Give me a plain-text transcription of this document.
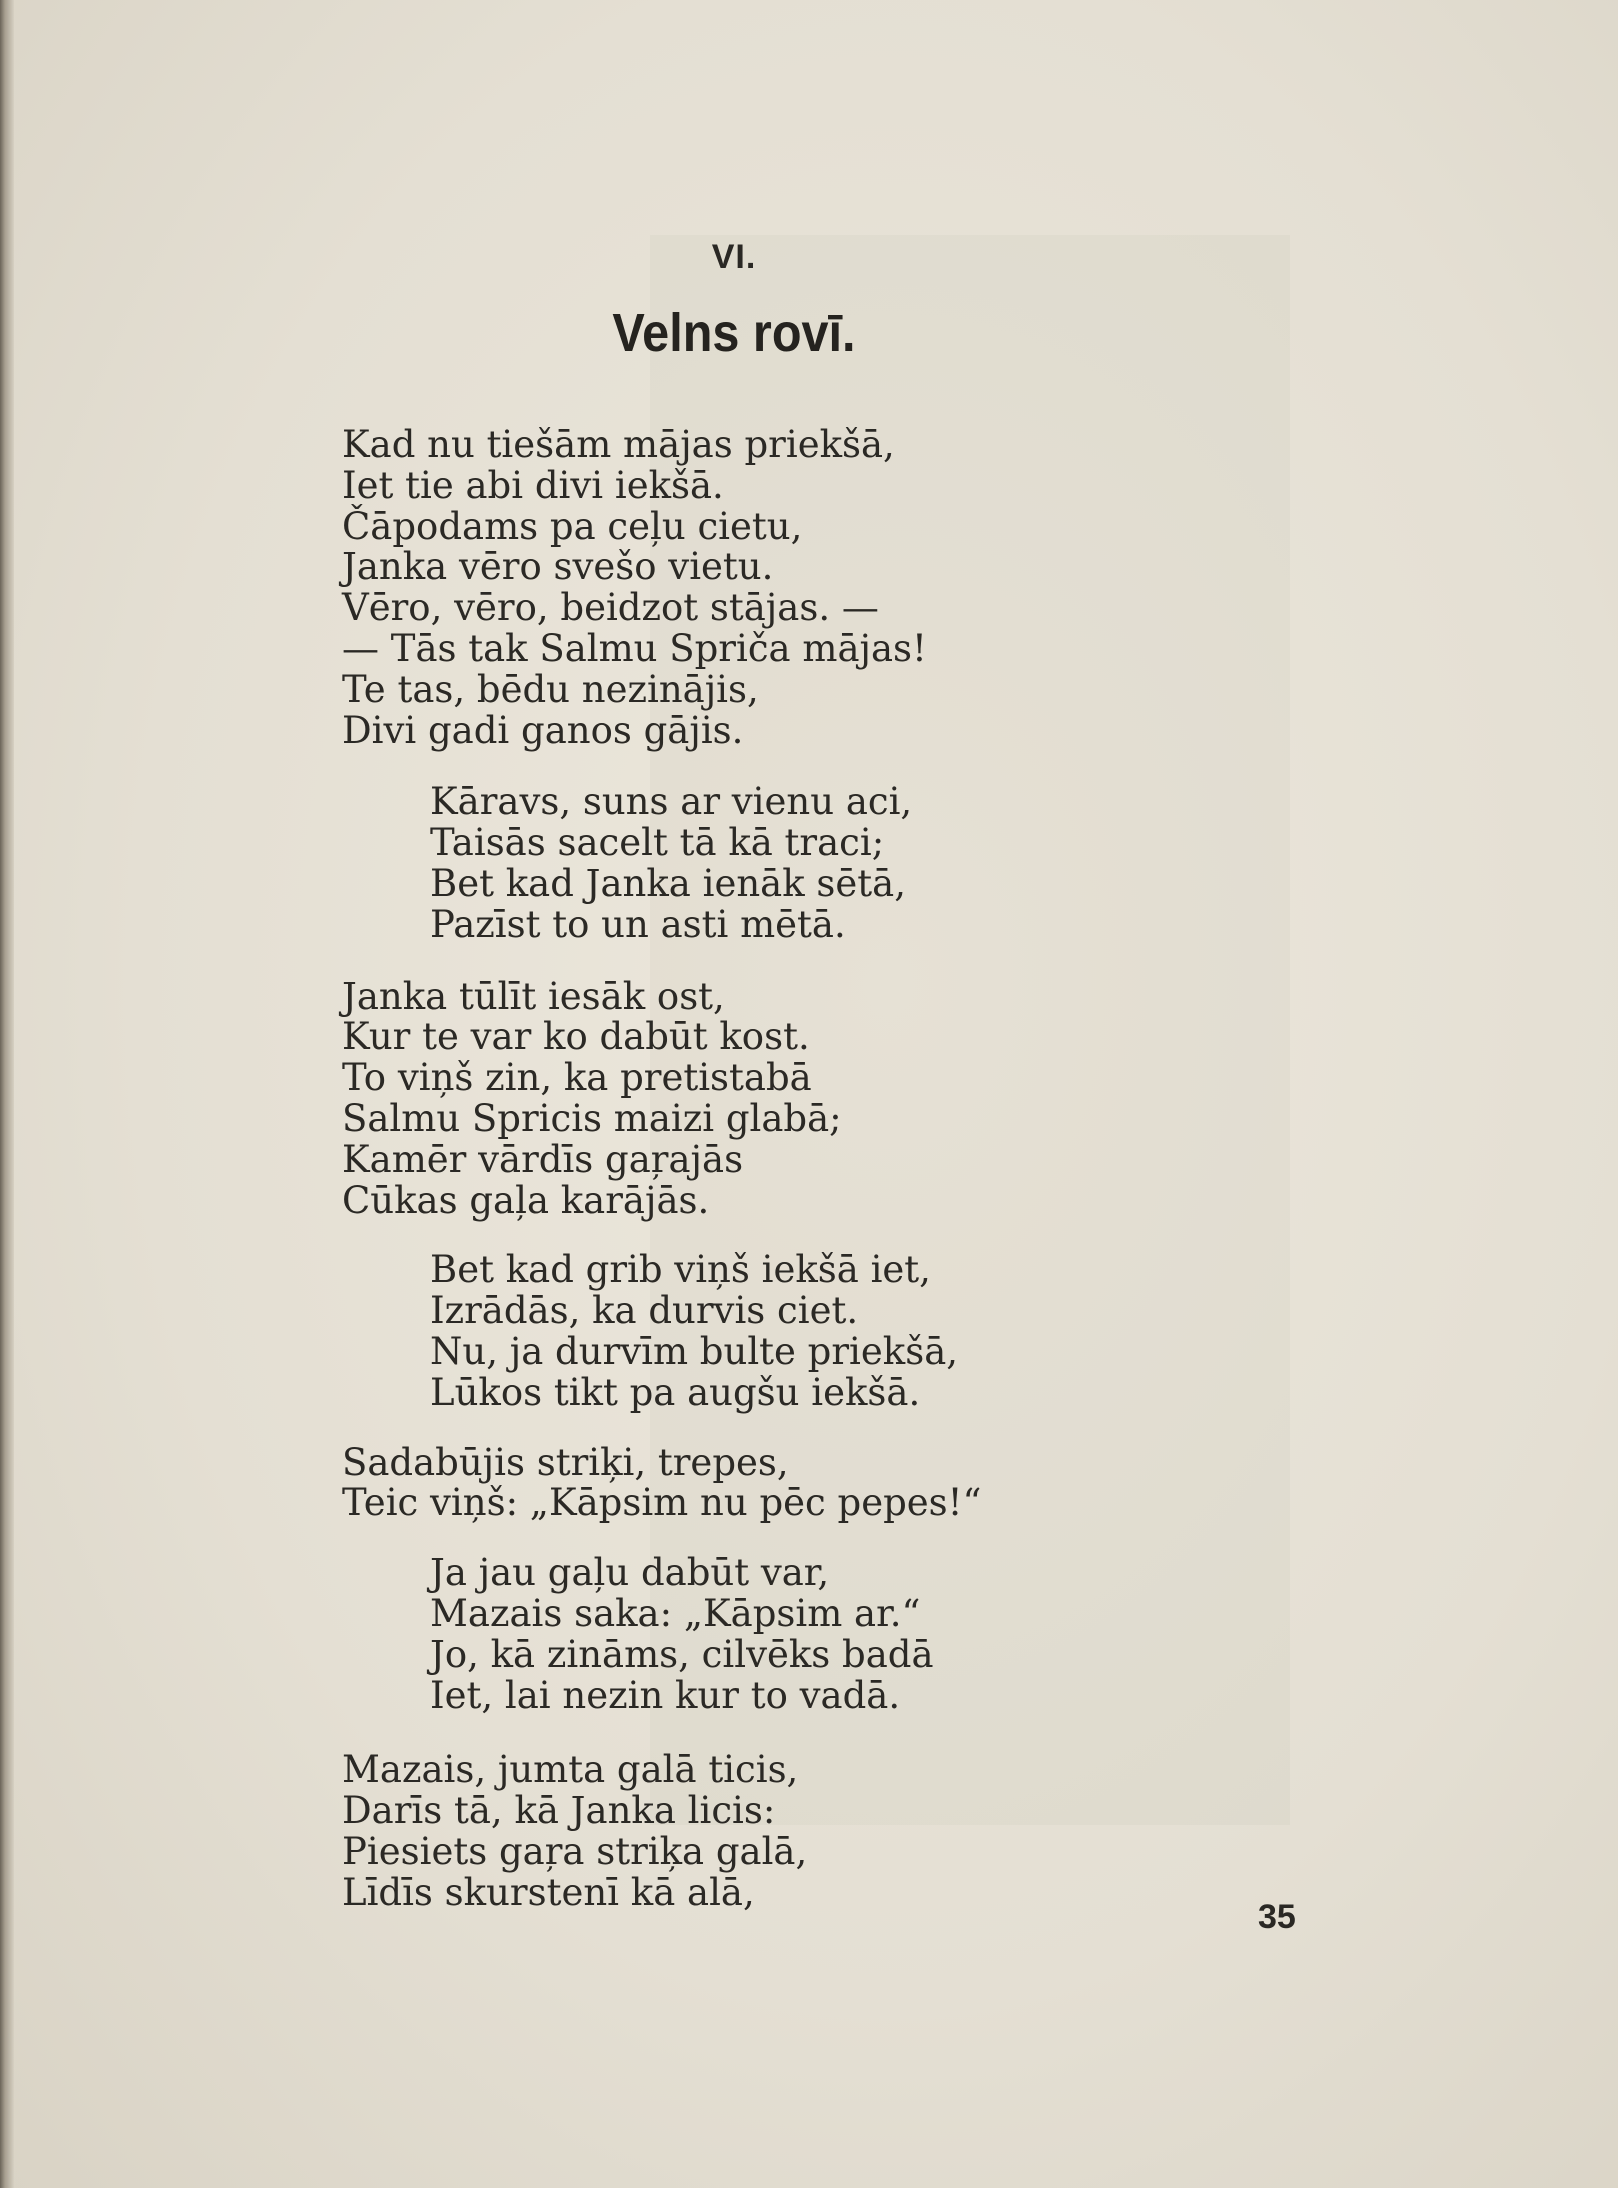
VI.
Velns rovī.
Kad nu tiešām mājas priekšā,
Iet tie abi divi iekšā.
Čāpodams pa ceļu cietu,
Janka vēro svešo vietu.
Vēro, vēro, beidzot stājas. —
— Tās tak Salmu Spriča mājas!
Te tas, bēdu nezinājis,
Divi gadi ganos gājis.
Kāravs, suns ar vienu aci,
Taisās sacelt tā kā traci;
Bet kad Janka ienāk sētā,
Pazīst to un asti mētā.
Janka tūlīt iesāk ost,
Kur te var ko dabūt kost.
To viņš zin, ka pretistabā
Salmu Spricis maizi glabā;
Kamēr vārdīs gaŗajās
Cūkas gaļa karājās.
Bet kad grib viņš iekšā iet,
Izrādās, ka durvis ciet.
Nu, ja durvīm bulte priekšā,
Lūkos tikt pa augšu iekšā.
Sadabūjis striķi, trepes,
Teic viņš: „Kāpsim nu pēc pepes!“
Ja jau gaļu dabūt var,
Mazais saka: „Kāpsim ar.“
Jo, kā zināms, cilvēks badā
Iet, lai nezin kur to vadā.
Mazais, jumta galā ticis,
Darīs tā, kā Janka licis:
Piesiets gaŗa striķa galā,
Līdīs skurstenī kā alā,
35
